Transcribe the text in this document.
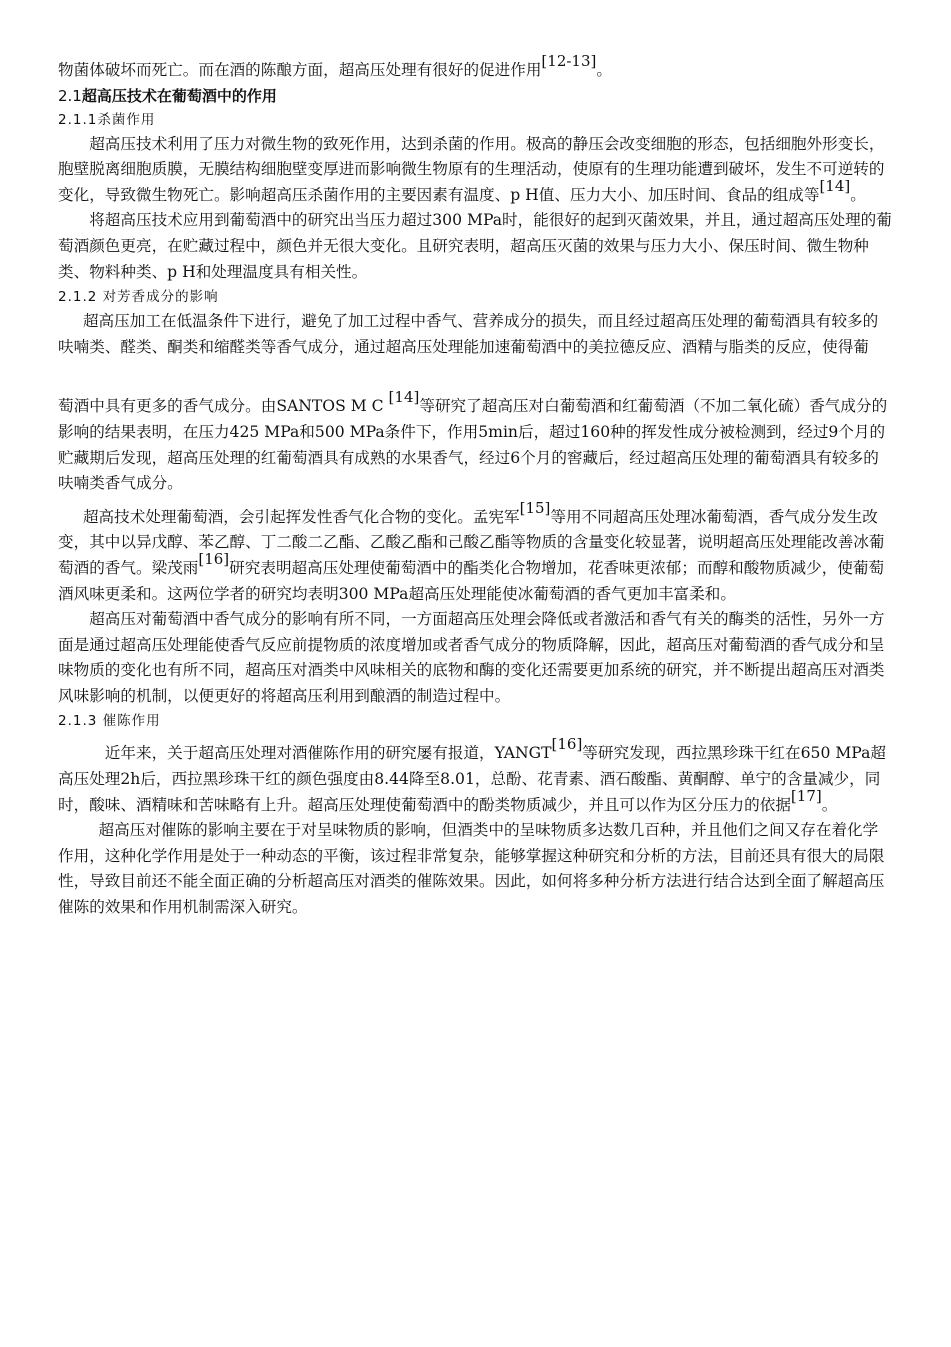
物菌体破坏而死亡。而在酒的陈酿方面，超高压处理有很好的促进作用[12-13]。

2.1超高压技术在葡萄酒中的作用

2.1.1杀菌作用

超高压技术利用了压力对微生物的致死作用，达到杀菌的作用。极高的静压会改变细胞的形态，包括细胞外形变长，胞壁脱离细胞质膜，无膜结构细胞壁变厚进而影响微生物原有的生理活动，使原有的生理功能遭到破坏，发生不可逆转的变化，导致微生物死亡。影响超高压杀菌作用的主要因素有温度、p H值、压力大小、加压时间、食品的组成等[14]。

将超高压技术应用到葡萄酒中的研究出当压力超过300 MPa时，能很好的起到灭菌效果，并且，通过超高压处理的葡萄酒颜色更亮，在贮藏过程中，颜色并无很大变化。且研究表明，超高压灭菌的效果与压力大小、保压时间、微生物种类、物料种类、p H和处理温度具有相关性。

2.1.2 对芳香成分的影响

超高压加工在低温条件下进行，避免了加工过程中香气、营养成分的损失，而且经过超高压处理的葡萄酒具有较多的呋喃类、醛类、酮类和缩醛类等香气成分，通过超高压处理能加速葡萄酒中的美拉德反应、酒精与脂类的反应，使得葡

萄酒中具有更多的香气成分。由SANTOS M C [14]等研究了超高压对白葡萄酒和红葡萄酒（不加二氧化硫）香气成分的影响的结果表明，在压力425 MPa和500 MPa条件下，作用5min后，超过160种的挥发性成分被检测到，经过9个月的贮藏期后发现，超高压处理的红葡萄酒具有成熟的水果香气，经过6个月的窖藏后，经过超高压处理的葡萄酒具有较多的呋喃类香气成分。

超高技术处理葡萄酒，会引起挥发性香气化合物的变化。孟宪军[15]等用不同超高压处理冰葡萄酒，香气成分发生改变，其中以异戊醇、苯乙醇、丁二酸二乙酯、乙酸乙酯和己酸乙酯等物质的含量变化较显著，说明超高压处理能改善冰葡萄酒的香气。梁茂雨[16]研究表明超高压处理使葡萄酒中的酯类化合物增加，花香味更浓郁；而醇和酸物质减少，使葡萄酒风味更柔和。这两位学者的研究均表明300 MPa超高压处理能使冰葡萄酒的香气更加丰富柔和。

超高压对葡萄酒中香气成分的影响有所不同，一方面超高压处理会降低或者激活和香气有关的酶类的活性，另外一方面是通过超高压处理能使香气反应前提物质的浓度增加或者香气成分的物质降解，因此，超高压对葡萄酒的香气成分和呈味物质的变化也有所不同，超高压对酒类中风味相关的底物和酶的变化还需要更加系统的研究，并不断提出超高压对酒类风味影响的机制，以便更好的将超高压利用到酿酒的制造过程中。

2.1.3 催陈作用

近年来，关于超高压处理对酒催陈作用的研究屡有报道，YANGT[16]等研究发现，西拉黑珍珠干红在650 MPa超高压处理2h后，西拉黑珍珠干红的颜色强度由8.44降至8.01，总酚、花青素、酒石酸酯、黄酮醇、单宁的含量减少，同时，酸味、酒精味和苦味略有上升。超高压处理使葡萄酒中的酚类物质减少，并且可以作为区分压力的依据[17]。

超高压对催陈的影响主要在于对呈味物质的影响，但酒类中的呈味物质多达数几百种，并且他们之间又存在着化学作用，这种化学作用是处于一种动态的平衡，该过程非常复杂，能够掌握这种研究和分析的方法，目前还具有很大的局限性，导致目前还不能全面正确的分析超高压对酒类的催陈效果。因此，如何将多种分析方法进行结合达到全面了解超高压催陈的效果和作用机制需深入研究。
